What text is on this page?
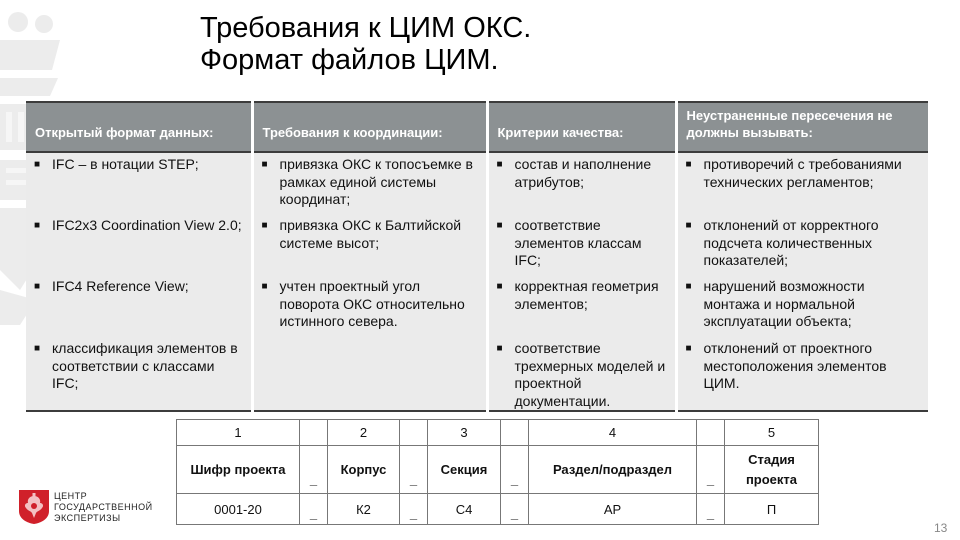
Требования к ЦИМ ОКС.
Формат файлов ЦИМ.
Открытый формат данных:	Требования к координации:	Критерии качества:	Неустраненные пересечения не должны вызывать:

■ IFC – в нотации STEP;	■ привязка ОКС к топосъемке в рамках единой системы координат;	■ состав и наполнение атрибутов;	■ противоречий с требованиями технических регламентов;

■ IFC2x3 Coordination View 2.0;	■ привязка ОКС к Балтийской системе высот;	■ соответствие элементов классам IFC;	■ отклонений от корректного подсчета количественных показателей;

■ IFC4 Reference View;	■ учтен проектный угол поворота ОКС относительно истинного севера.	■ корректная геометрия элементов;	■ нарушений возможности монтажа и нормальной эксплуатации объекта;

■ классификация элементов в соответствии с классами IFC;		■ соответствие трехмерных моделей и проектной документации.	■ отклонений от проектного местоположения элементов ЦИМ.
1		2		3		4		5
Шифр проекта	_	Корпус	_	Секция	_	Раздел/подраздел	_	Стадия проекта
0001-20	_	К2	_	С4	_	АР	_	П
ЦЕНТР
ГОСУДАРСТВЕННОЙ
ЭКСПЕРТИЗЫ
13
